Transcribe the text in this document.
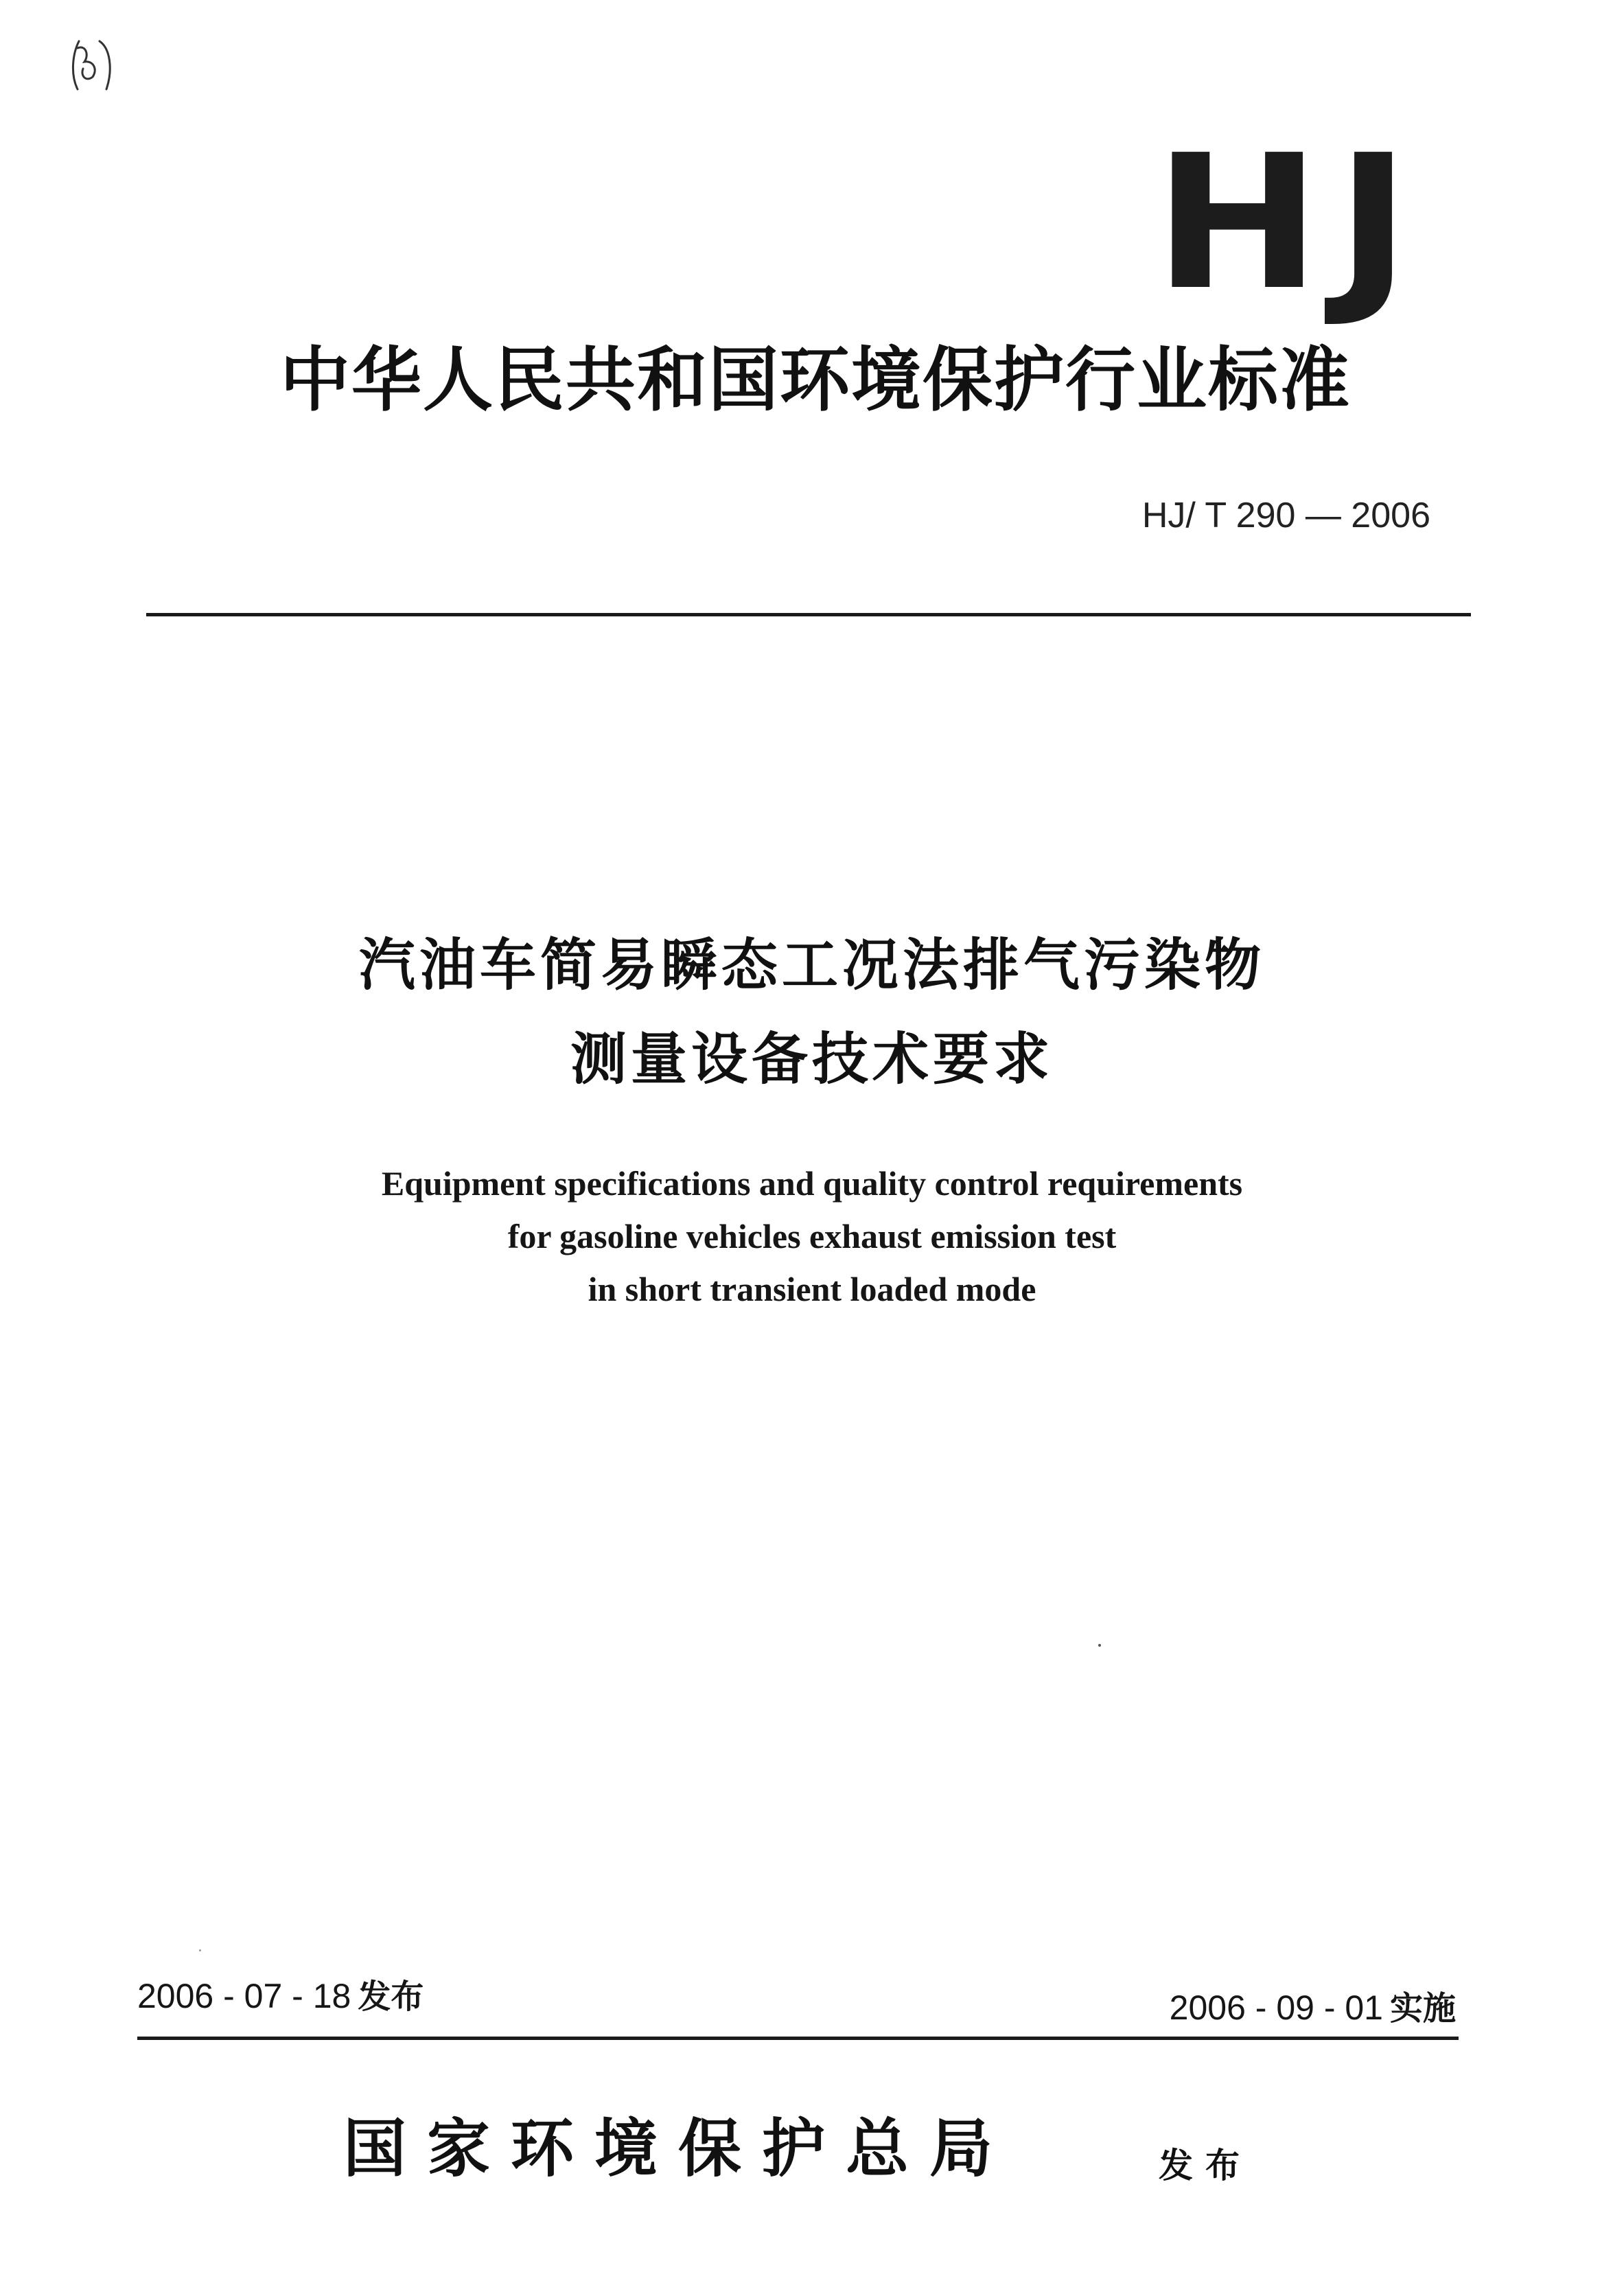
HJ
中华人民共和国环境保护行业标准
HJ/ T 290 — 2006
汽油车简易瞬态工况法排气污染物
测量设备技术要求
Equipment specifications and quality control requirements
for gasoline vehicles exhaust emission test
in short transient loaded mode
2006 - 07 - 18 发布	2006 - 09 - 01 实施
国家环境保护总局	发布
